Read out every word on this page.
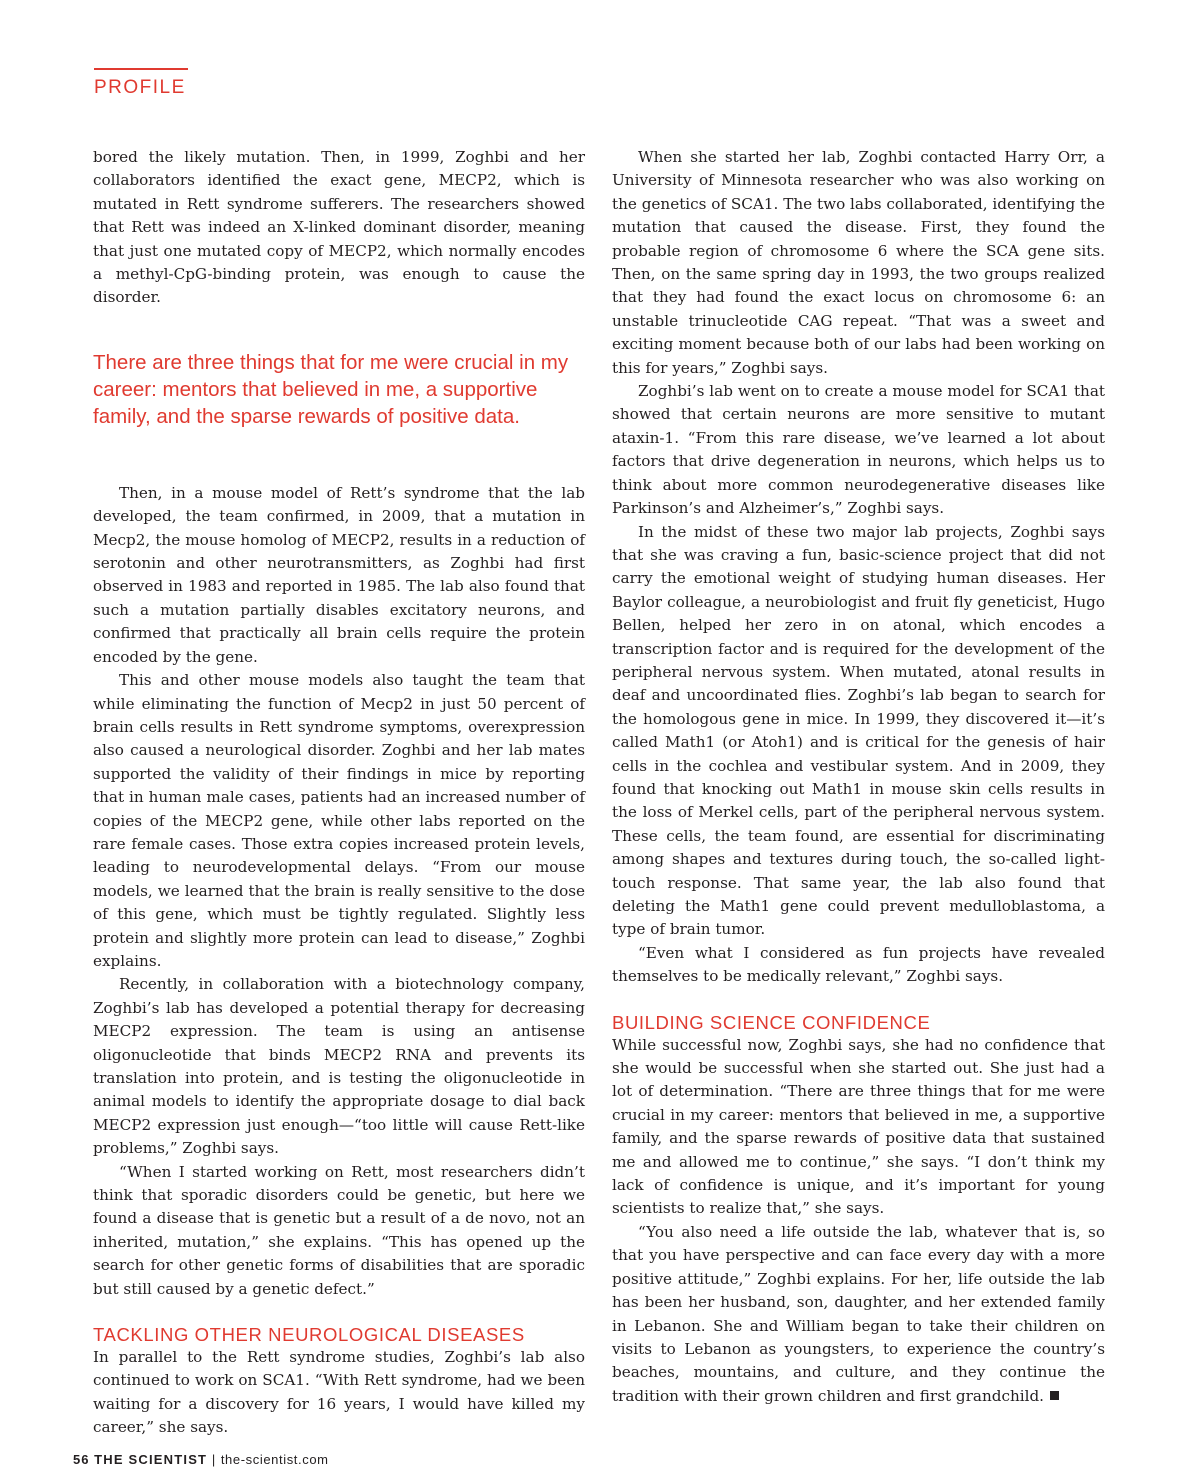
PROFILE

bored the likely mutation. Then, in 1999, Zoghbi and her collaborators identified the exact gene, MECP2, which is mutated in Rett syndrome sufferers. The researchers showed that Rett was indeed an X-linked dominant disorder, meaning that just one mutated copy of MECP2, which normally encodes a methyl-CpG-binding protein, was enough to cause the disorder.

There are three things that for me were crucial in my career: mentors that believed in me, a supportive family, and the sparse rewards of positive data.

Then, in a mouse model of Rett’s syndrome that the lab developed, the team confirmed, in 2009, that a mutation in Mecp2, the mouse homolog of MECP2, results in a reduction of serotonin and other neurotransmitters, as Zoghbi had first observed in 1983 and reported in 1985. The lab also found that such a mutation partially disables excitatory neurons, and confirmed that practically all brain cells require the protein encoded by the gene.

This and other mouse models also taught the team that while eliminating the function of Mecp2 in just 50 percent of brain cells results in Rett syndrome symptoms, overexpression also caused a neurological disorder. Zoghbi and her lab mates supported the validity of their findings in mice by reporting that in human male cases, patients had an increased number of copies of the MECP2 gene, while other labs reported on the rare female cases. Those extra copies increased protein levels, leading to neurodevelopmental delays. “From our mouse models, we learned that the brain is really sensitive to the dose of this gene, which must be tightly regulated. Slightly less protein and slightly more protein can lead to disease,” Zoghbi explains.

Recently, in collaboration with a biotechnology company, Zoghbi’s lab has developed a potential therapy for decreasing MECP2 expression. The team is using an antisense oligonucleotide that binds MECP2 RNA and prevents its translation into protein, and is testing the oligonucleotide in animal models to identify the appropriate dosage to dial back MECP2 expression just enough—“too little will cause Rett-like problems,” Zoghbi says.

“When I started working on Rett, most researchers didn’t think that sporadic disorders could be genetic, but here we found a disease that is genetic but a result of a de novo, not an inherited, mutation,” she explains. “This has opened up the search for other genetic forms of disabilities that are sporadic but still caused by a genetic defect.”

TACKLING OTHER NEUROLOGICAL DISEASES

In parallel to the Rett syndrome studies, Zoghbi’s lab also continued to work on SCA1. “With Rett syndrome, had we been waiting for a discovery for 16 years, I would have killed my career,” she says.

When she started her lab, Zoghbi contacted Harry Orr, a University of Minnesota researcher who was also working on the genetics of SCA1. The two labs collaborated, identifying the mutation that caused the disease. First, they found the probable region of chromosome 6 where the SCA gene sits. Then, on the same spring day in 1993, the two groups realized that they had found the exact locus on chromosome 6: an unstable trinucleotide CAG repeat. “That was a sweet and exciting moment because both of our labs had been working on this for years,” Zoghbi says.

Zoghbi’s lab went on to create a mouse model for SCA1 that showed that certain neurons are more sensitive to mutant ataxin-1. “From this rare disease, we’ve learned a lot about factors that drive degeneration in neurons, which helps us to think about more common neurodegenerative diseases like Parkinson’s and Alzheimer’s,” Zoghbi says.

In the midst of these two major lab projects, Zoghbi says that she was craving a fun, basic-science project that did not carry the emotional weight of studying human diseases. Her Baylor colleague, a neurobiologist and fruit fly geneticist, Hugo Bellen, helped her zero in on atonal, which encodes a transcription factor and is required for the development of the peripheral nervous system. When mutated, atonal results in deaf and uncoordinated flies. Zoghbi’s lab began to search for the homologous gene in mice. In 1999, they discovered it—it’s called Math1 (or Atoh1) and is critical for the genesis of hair cells in the cochlea and vestibular system. And in 2009, they found that knocking out Math1 in mouse skin cells results in the loss of Merkel cells, part of the peripheral nervous system. These cells, the team found, are essential for discriminating among shapes and textures during touch, the so-called light-touch response. That same year, the lab also found that deleting the Math1 gene could prevent medulloblastoma, a type of brain tumor.

“Even what I considered as fun projects have revealed themselves to be medically relevant,” Zoghbi says.

BUILDING SCIENCE CONFIDENCE

While successful now, Zoghbi says, she had no confidence that she would be successful when she started out. She just had a lot of determination. “There are three things that for me were crucial in my career: mentors that believed in me, a supportive family, and the sparse rewards of positive data that sustained me and allowed me to continue,” she says. “I don’t think my lack of confidence is unique, and it’s important for young scientists to realize that,” she says.

“You also need a life outside the lab, whatever that is, so that you have perspective and can face every day with a more positive attitude,” Zoghbi explains. For her, life outside the lab has been her husband, son, daughter, and her extended family in Lebanon. She and William began to take their children on visits to Lebanon as youngsters, to experience the country’s beaches, mountains, and culture, and they continue the tradition with their grown children and first grandchild.

56 THE SCIENTIST | the-scientist.com
